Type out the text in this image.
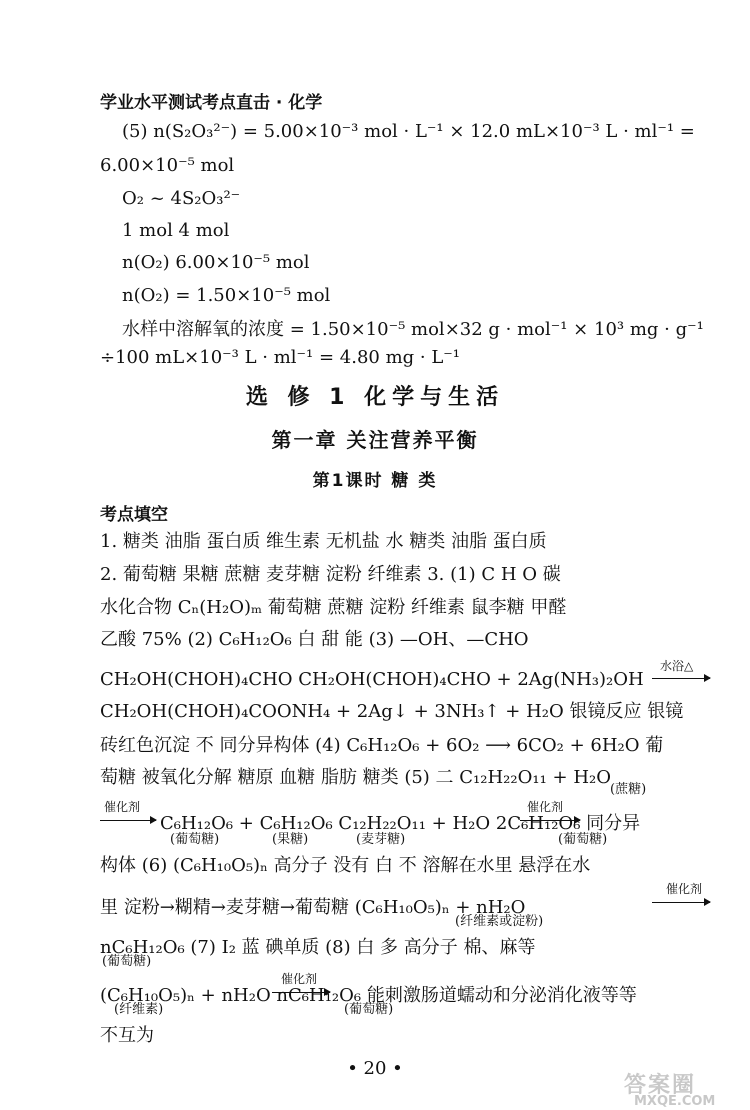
学业水平测试考点直击 · 化学
(5) n(S₂O₃²⁻) = 5.00×10⁻³ mol · L⁻¹ × 12.0 mL×10⁻³ L · ml⁻¹ =
6.00×10⁻⁵ mol
O₂ ~ 4S₂O₃²⁻
1 mol 4 mol
n(O₂) 6.00×10⁻⁵ mol
n(O₂) = 1.50×10⁻⁵ mol
水样中溶解氧的浓度 = 1.50×10⁻⁵ mol×32 g · mol⁻¹ × 10³ mg · g⁻¹
÷100 mL×10⁻³ L · ml⁻¹ = 4.80 mg · L⁻¹
选 修 1 化学与生活
第一章 关注营养平衡
第1课时 糖 类
考点填空
1. 糖类 油脂 蛋白质 维生素 无机盐 水 糖类 油脂 蛋白质
2. 葡萄糖 果糖 蔗糖 麦芽糖 淀粉 纤维素 3. (1) C H O 碳
水化合物 Cₙ(H₂O)ₘ 葡萄糖 蔗糖 淀粉 纤维素 鼠李糖 甲醛
乙酸 75% (2) C₆H₁₂O₆ 白 甜 能 (3) —OH、—CHO
CH₂OH(CHOH)₄CHO CH₂OH(CHOH)₄CHO + 2Ag(NH₃)₂OH
CH₂OH(CHOH)₄COONH₄ + 2Ag↓ + 3NH₃↑ + H₂O 银镜反应 银镜
砖红色沉淀 不 同分异构体 (4) C₆H₁₂O₆ + 6O₂ ⟶ 6CO₂ + 6H₂O 葡
萄糖 被氧化分解 糖原 血糖 脂肪 糖类 (5) 二 C₁₂H₂₂O₁₁ + H₂O
C₆H₁₂O₆ + C₆H₁₂O₆ C₁₂H₂₂O₁₁ + H₂O 2C₆H₁₂O₆ 同分异
构体 (6) (C₆H₁₀O₅)ₙ 高分子 没有 白 不 溶解在水里 悬浮在水
里 淀粉→糊精→麦芽糖→葡萄糖 (C₆H₁₀O₅)ₙ + nH₂O
nC₆H₁₂O₆ (7) I₂ 蓝 碘单质 (8) 白 多 高分子 棉、麻等
(C₆H₁₀O₅)ₙ + nH₂O nC₆H₁₂O₆ 能刺激肠道蠕动和分泌消化液等等
不互为
水浴△
催化剂	催化剂
催化剂
催化剂
(蔗糖)
(葡萄糖)	(果糖)	(麦芽糖)	(葡萄糖)
(纤维素或淀粉)
(葡萄糖)
(纤维素)	(葡萄糖)
• 20 •
答案圈
MXQE.COM
